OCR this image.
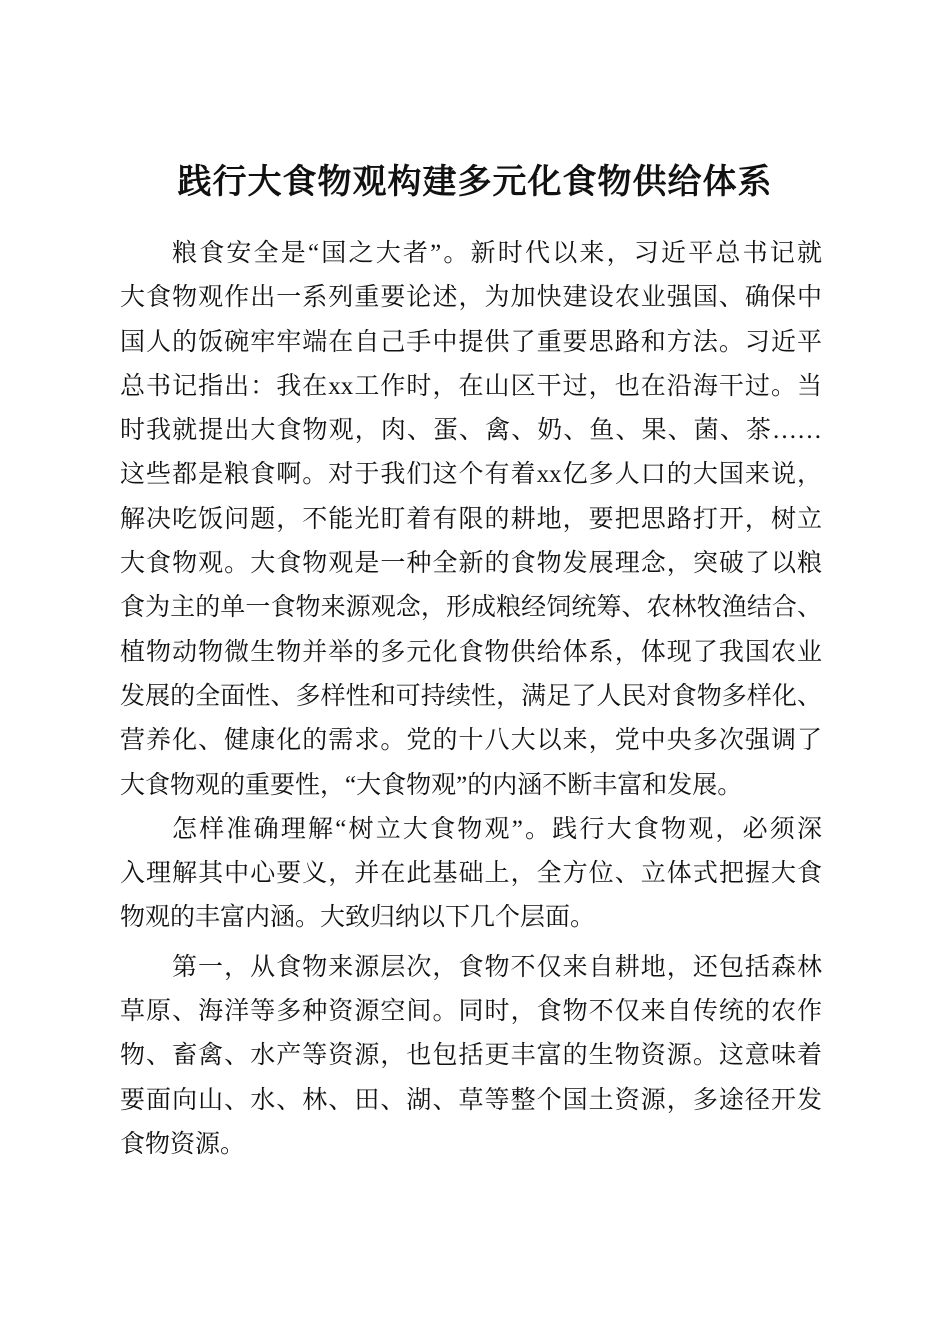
践行大食物观构建多元化食物供给体系
粮食安全是“国之大者”。新时代以来，习近平总书记就
大食物观作出一系列重要论述，为加快建设农业强国、确保中
国人的饭碗牢牢端在自己手中提供了重要思路和方法。习近平
总书记指出：我在xx工作时，在山区干过，也在沿海干过。当
时我就提出大食物观，肉、蛋、禽、奶、鱼、果、菌、茶……
这些都是粮食啊。对于我们这个有着xx亿多人口的大国来说，
解决吃饭问题，不能光盯着有限的耕地，要把思路打开，树立
大食物观。大食物观是一种全新的食物发展理念，突破了以粮
食为主的单一食物来源观念，形成粮经饲统筹、农林牧渔结合、
植物动物微生物并举的多元化食物供给体系，体现了我国农业
发展的全面性、多样性和可持续性，满足了人民对食物多样化、
营养化、健康化的需求。党的十八大以来，党中央多次强调了
大食物观的重要性，“大食物观”的内涵不断丰富和发展。
怎样准确理解“树立大食物观”。践行大食物观，必须深
入理解其中心要义，并在此基础上，全方位、立体式把握大食
物观的丰富内涵。大致归纳以下几个层面。
第一，从食物来源层次，食物不仅来自耕地，还包括森林
草原、海洋等多种资源空间。同时，食物不仅来自传统的农作
物、畜禽、水产等资源，也包括更丰富的生物资源。这意味着
要面向山、水、林、田、湖、草等整个国土资源，多途径开发
食物资源。
